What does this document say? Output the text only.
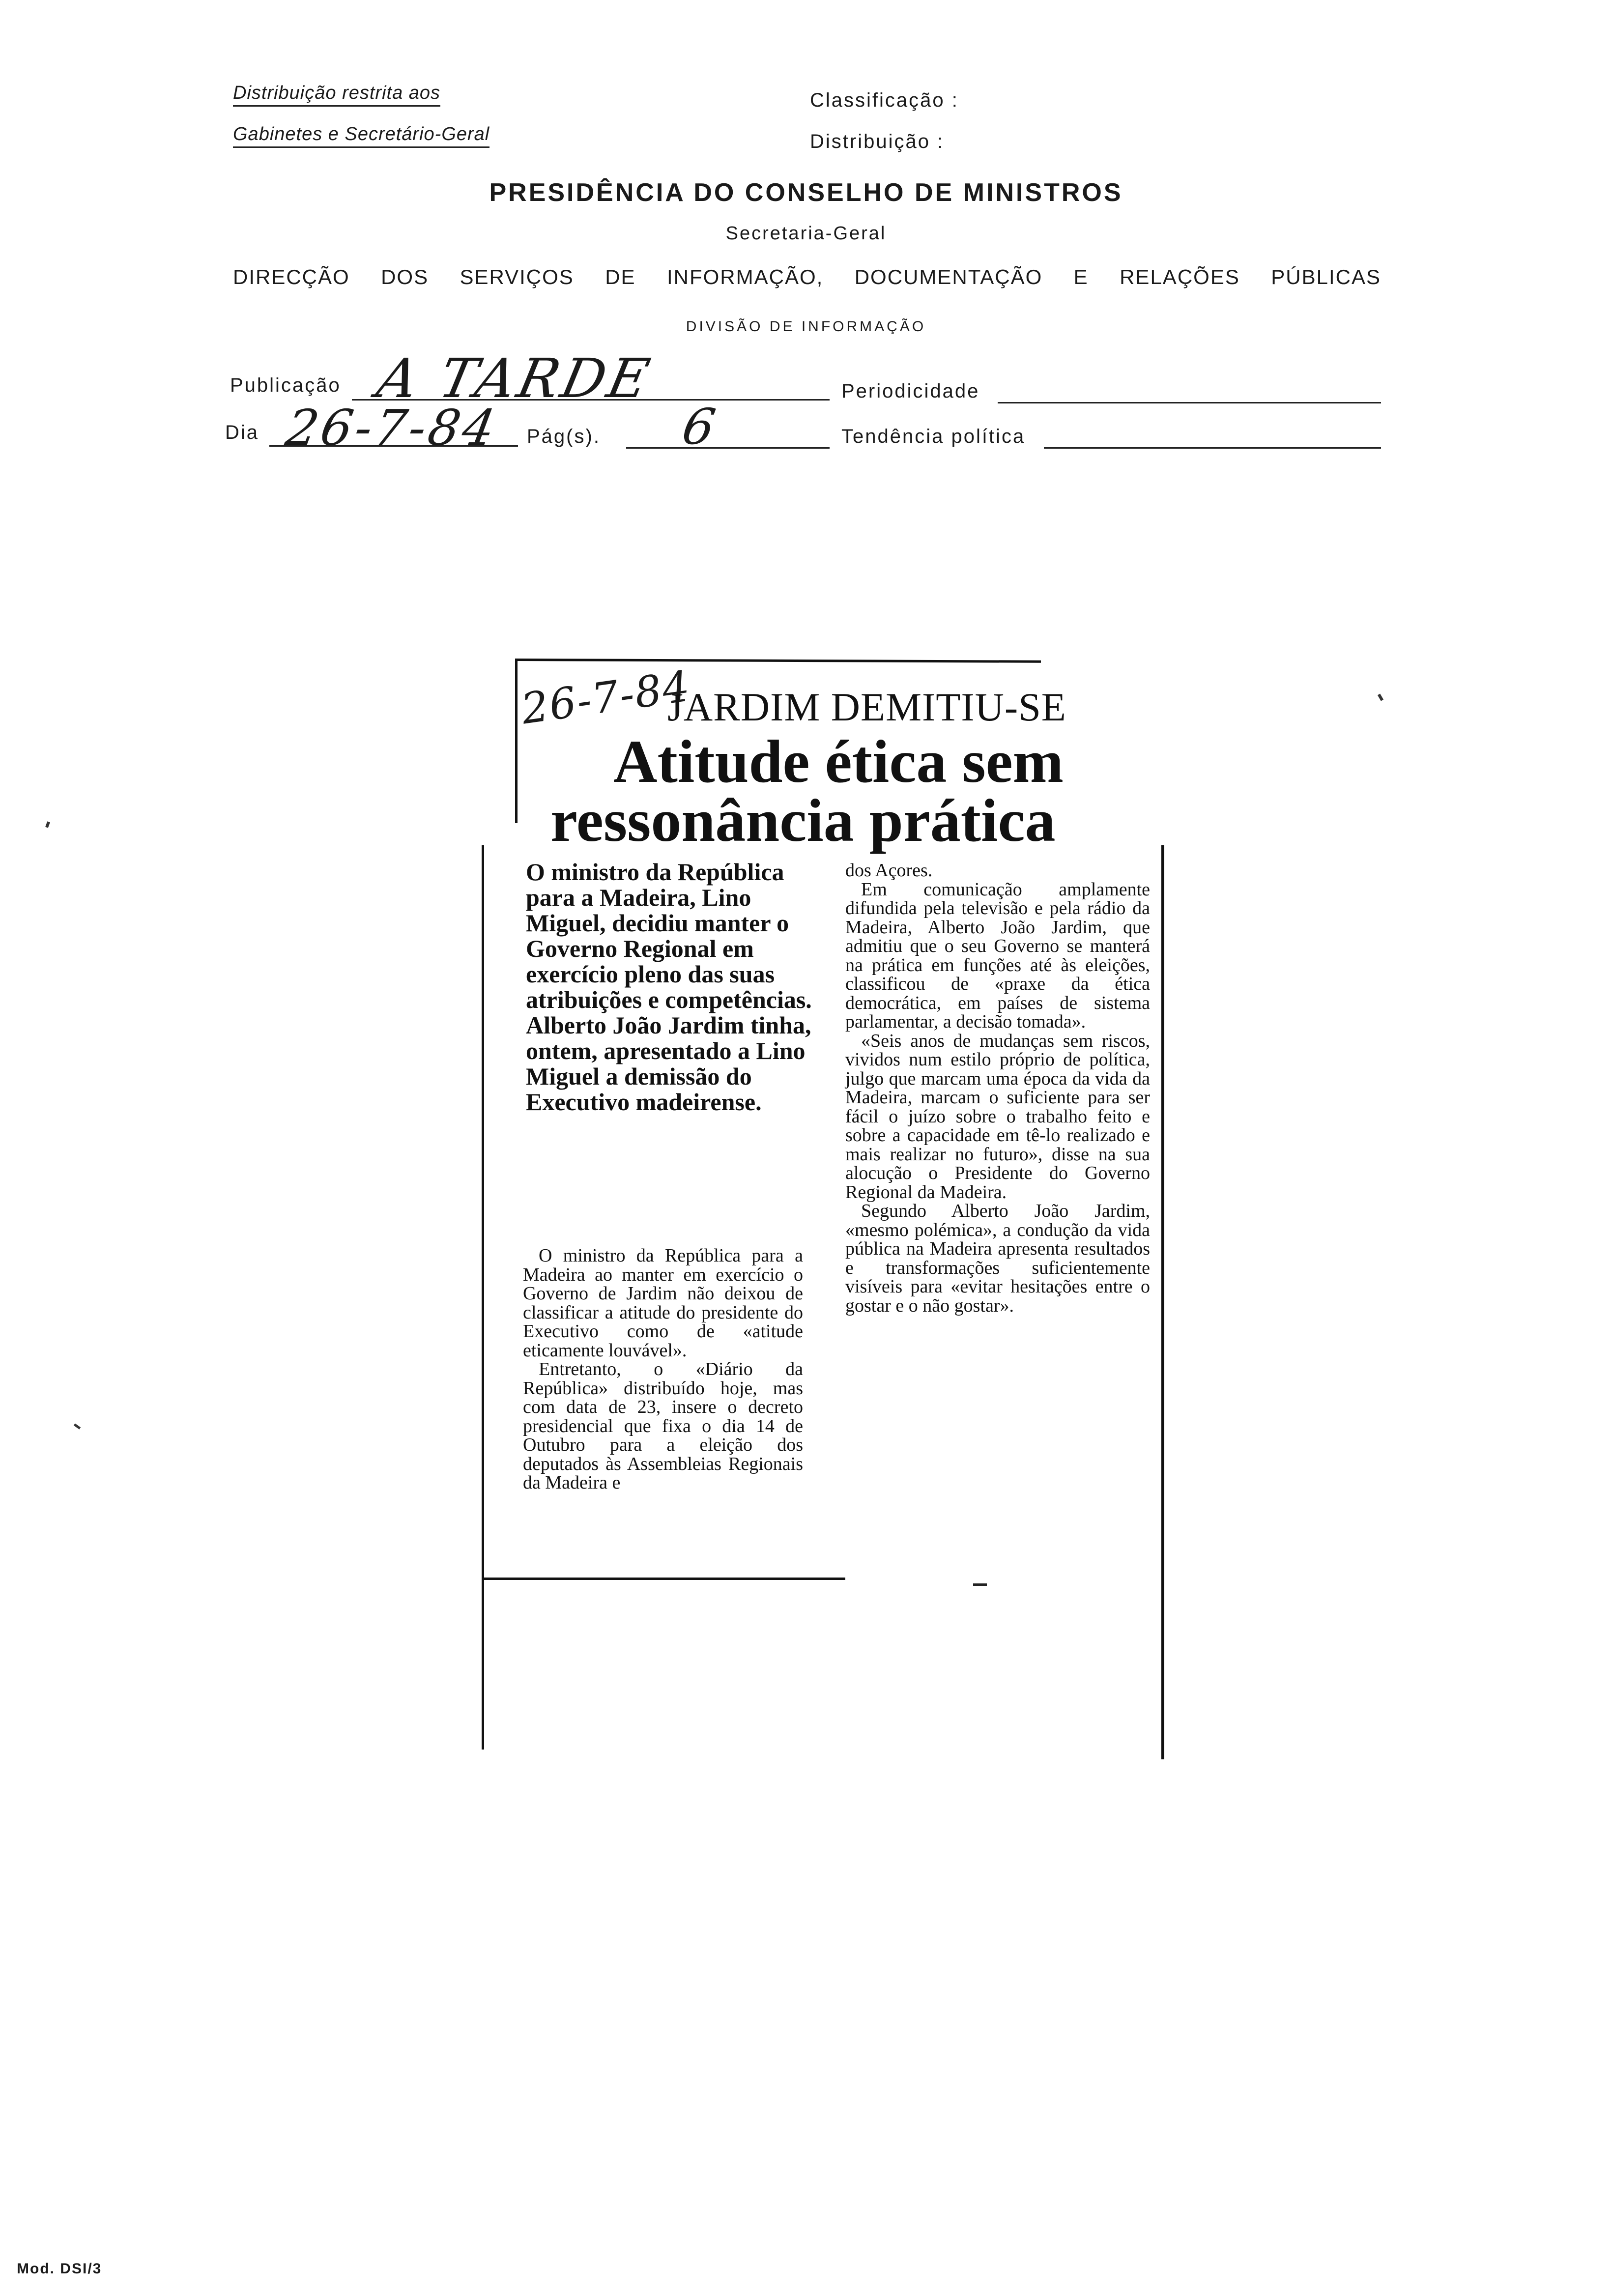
Distribuição restrita aos
Gabinetes e Secretário-Geral
Classificação :
Distribuição :
PRESIDÊNCIA DO CONSELHO DE MINISTROS
Secretaria-Geral
DIRECÇÃO DOS SERVIÇOS DE INFORMAÇÃO, DOCUMENTAÇÃO E RELAÇÕES PÚBLICAS
DIVISÃO DE INFORMAÇÃO
Publicação A TARDE	Periodicidade
Dia 26-7-84 Pág(s). 6	Tendência política
26-7-84
JARDIM DEMITIU-SE
Atitude ética sem
ressonância prática
O ministro da República para a Madeira, Lino Miguel, decidiu manter o Governo Regional em exercício pleno das suas atribuições e competências. Alberto João Jardim tinha, ontem, apresentado a Lino Miguel a demissão do Executivo madeirense.

O ministro da República para a Madeira ao manter em exercício o Governo de Jardim não deixou de classificar a atitude do presidente do Executivo como de «atitude eticamente louvável».

Entretanto, o «Diário da República» distribuído hoje, mas com data de 23, insere o decreto presidencial que fixa o dia 14 de Outubro para a eleição dos deputados às Assembleias Regionais da Madeira e

dos Açores.

Em comunicação amplamente difundida pela televisão e pela rádio da Madeira, Alberto João Jardim, que admitiu que o seu Governo se manterá na prática em funções até às eleições, classificou de «praxe da ética democrática, em países de sistema parlamentar, a decisão tomada».

«Seis anos de mudanças sem riscos, vividos num estilo próprio de política, julgo que marcam uma época da vida da Madeira, marcam o suficiente para ser fácil o juízo sobre o trabalho feito e sobre a capacidade em tê-lo realizado e mais realizar no futuro», disse na sua alocução o Presidente do Governo Regional da Madeira.

Segundo Alberto João Jardim, «mesmo polémica», a condução da vida pública na Madeira apresenta resultados e transformações suficientemente visíveis para «evitar hesitações entre o gostar e o não gostar».

Mod. DSI/3
